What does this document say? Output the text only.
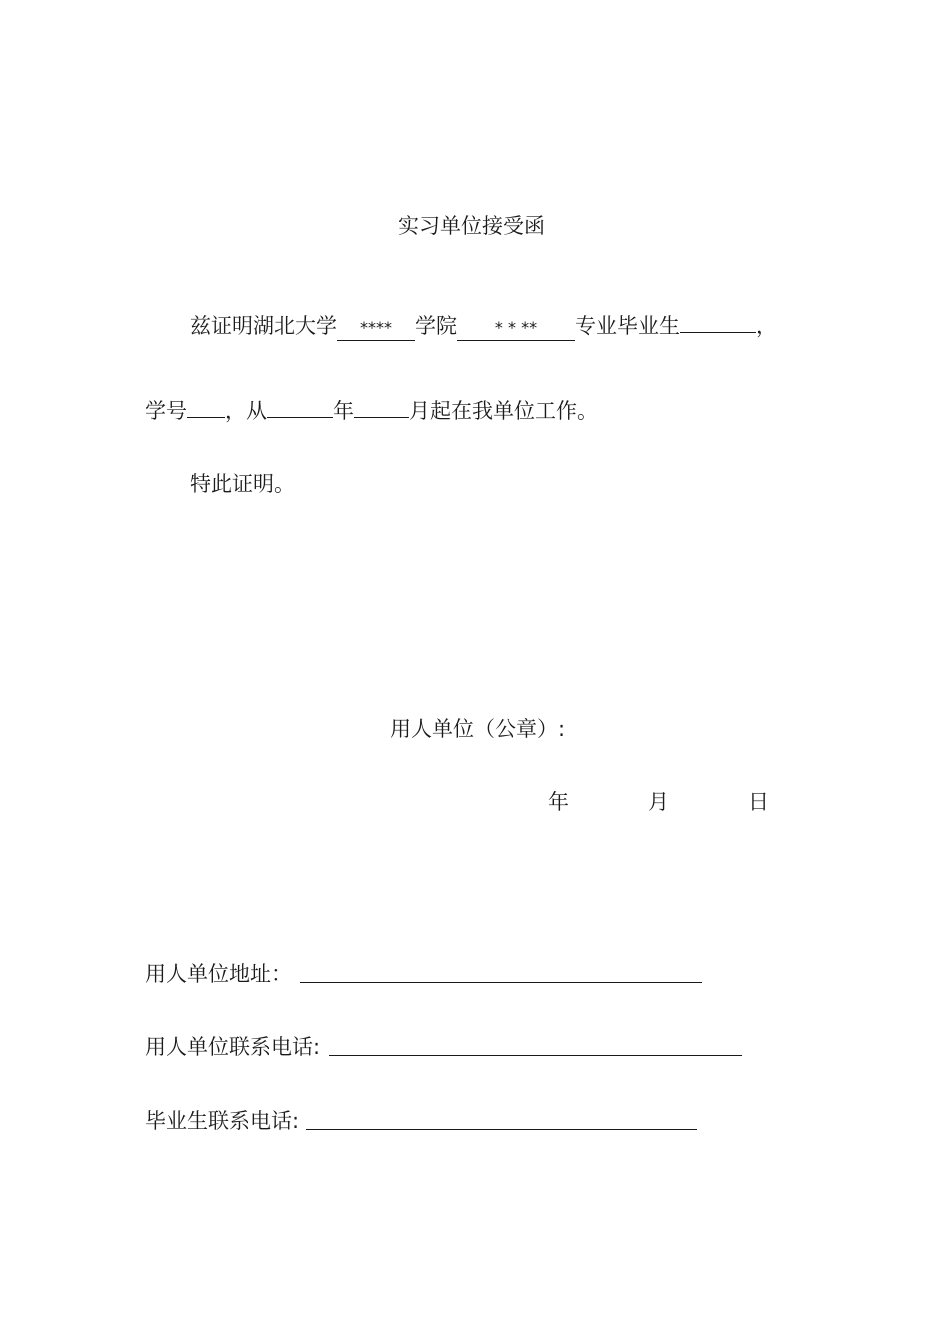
实习单位接受函
兹证明湖北大学 **** 学院 * * ** 专业毕业生	，
学号 ，从	年	月起在我单位工作。
特此证明。
用人单位（公章）:
年	月	日
用人单位地址：
用人单位联系电话:
毕业生联系电话:
